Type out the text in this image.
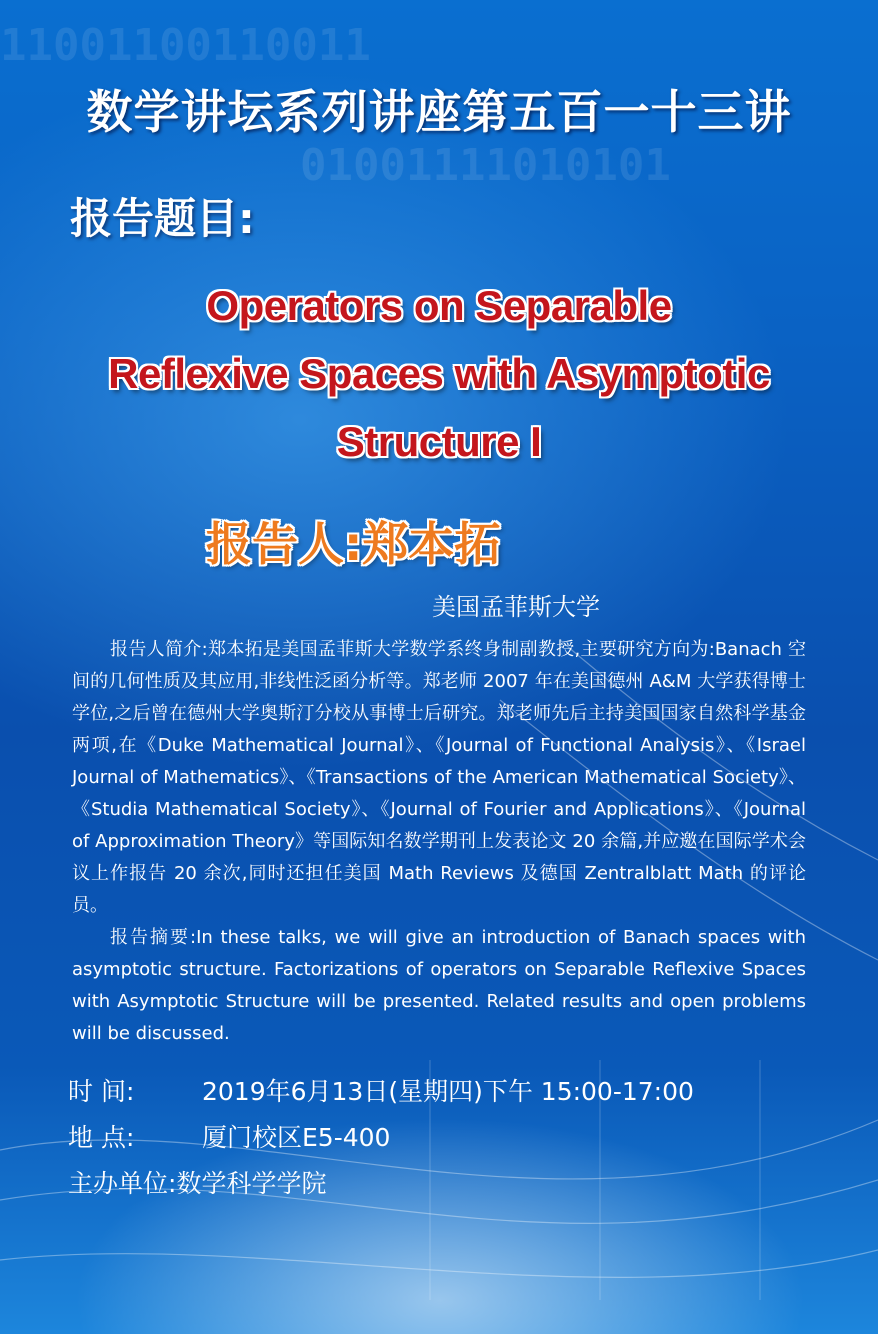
11001100110011
01001111010101
数学讲坛系列讲座第五百一十三讲
报告题目:
Operators on Separable
Reflexive Spaces with Asymptotic
Structure I
报告人:郑本拓
美国孟菲斯大学

报告人简介:郑本拓是美国孟菲斯大学数学系终身制副教授,主要研究方向为:Banach 空间的几何性质及其应用,非线性泛函分析等。郑老师 2007 年在美国德州 A&M 大学获得博士学位,之后曾在德州大学奥斯汀分校从事博士后研究。郑老师先后主持美国国家自然科学基金两项,在《Duke Mathematical Journal》、《Journal of Functional Analysis》、《Israel Journal of Mathematics》、《Transactions of the American Mathematical Society》、《Studia Mathematical Society》、《Journal of Fourier and Applications》、《Journal of Approximation Theory》等国际知名数学期刊上发表论文 20 余篇,并应邀在国际学术会议上作报告 20 余次,同时还担任美国 Math Reviews 及德国 Zentralblatt Math 的评论员。

报告摘要:In these talks, we will give an introduction of Banach spaces with asymptotic structure. Factorizations of operators on Separable Reflexive Spaces with Asymptotic Structure will be presented. Related results and open problems will be discussed.

时 间:	2019年6月13日(星期四)下午 15:00-17:00
地 点:	厦门校区E5-400
主办单位:数学科学学院
